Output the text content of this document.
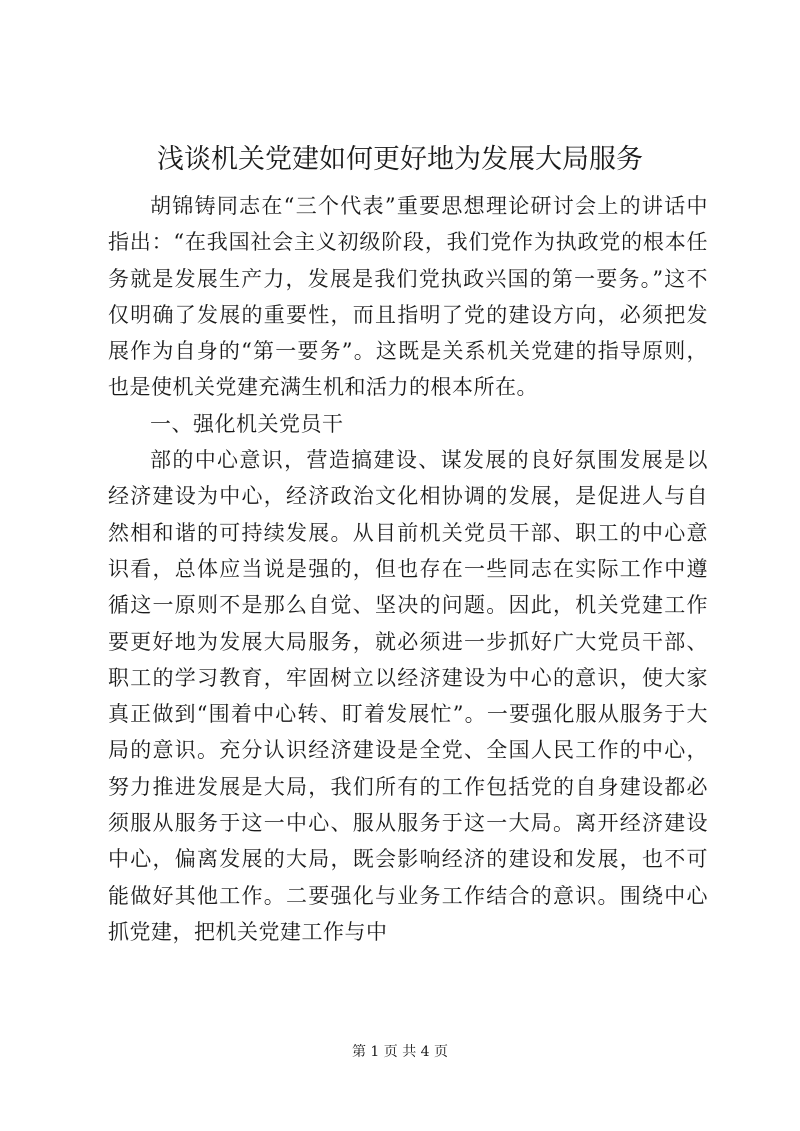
浅谈机关党建如何更好地为发展大局服务

胡锦铸同志在“三个代表”重要思想理论研讨会上的讲话中指出：“在我国社会主义初级阶段，我们党作为执政党的根本任务就是发展生产力，发展是我们党执政兴国的第一要务。”这不仅明确了发展的重要性，而且指明了党的建设方向，必须把发展作为自身的“第一要务”。这既是关系机关党建的指导原则，也是使机关党建充满生机和活力的根本所在。

一、强化机关党员干

部的中心意识，营造搞建设、谋发展的良好氛围发展是以经济建设为中心，经济政治文化相协调的发展，是促进人与自然相和谐的可持续发展。从目前机关党员干部、职工的中心意识看，总体应当说是强的，但也存在一些同志在实际工作中遵循这一原则不是那么自觉、坚决的问题。因此，机关党建工作要更好地为发展大局服务，就必须进一步抓好广大党员干部、职工的学习教育，牢固树立以经济建设为中心的意识，使大家真正做到“围着中心转、盯着发展忙”。一要强化服从服务于大局的意识。充分认识经济建设是全党、全国人民工作的中心，努力推进发展是大局，我们所有的工作包括党的自身建设都必须服从服务于这一中心、服从服务于这一大局。离开经济建设中心，偏离发展的大局，既会影响经济的建设和发展，也不可能做好其他工作。二要强化与业务工作结合的意识。围绕中心抓党建，把机关党建工作与中

第 1 页 共 4 页
